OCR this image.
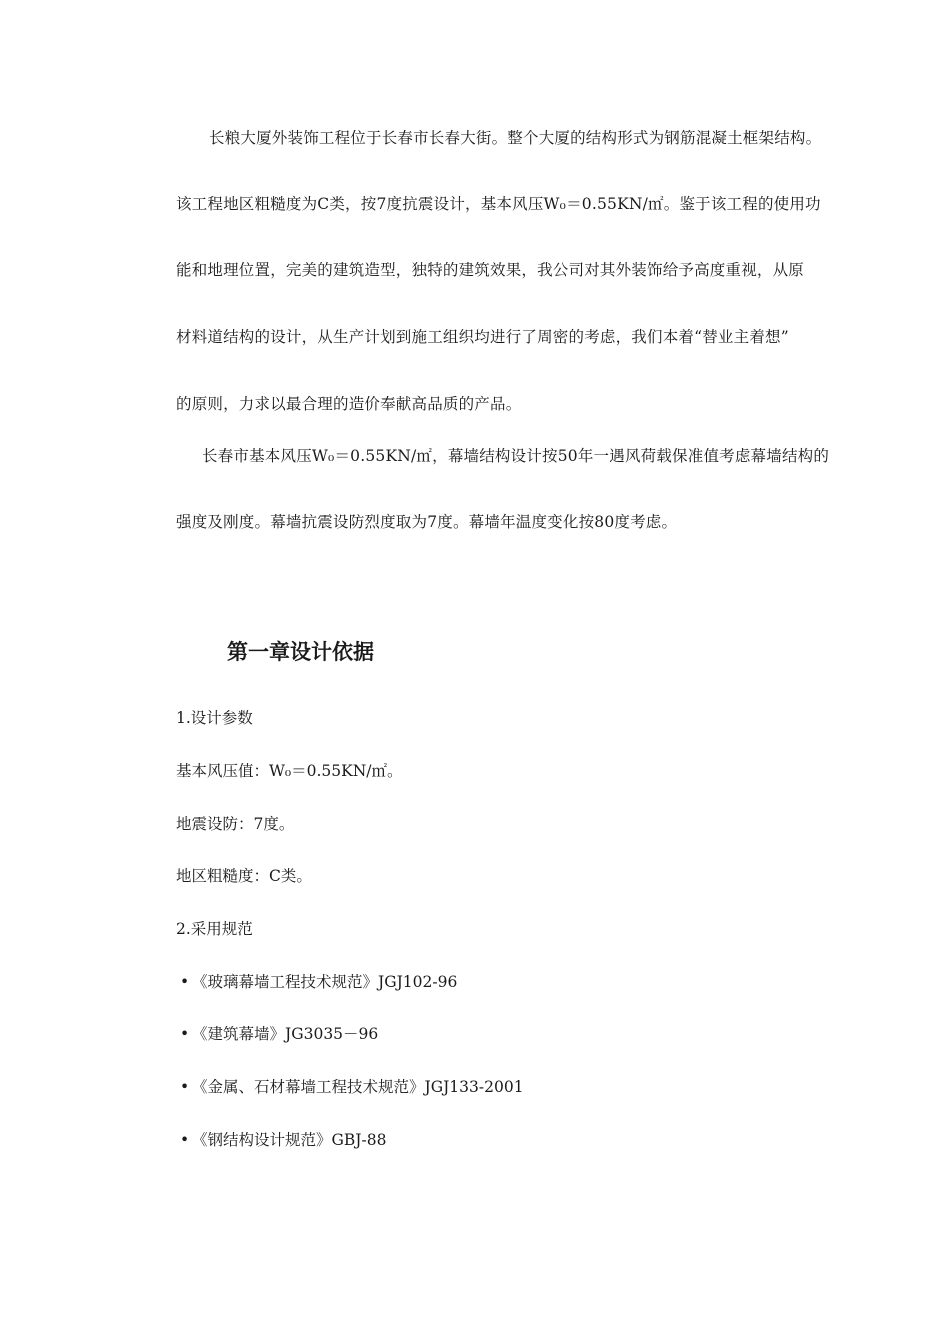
长粮大厦外装饰工程位于长春市长春大街。整个大厦的结构形式为钢筋混凝土框架结构。
该工程地区粗糙度为C类，按7度抗震设计，基本风压W₀＝0.55KN/㎡。鉴于该工程的使用功
能和地理位置，完美的建筑造型，独特的建筑效果，我公司对其外装饰给予高度重视，从原
材料道结构的设计，从生产计划到施工组织均进行了周密的考虑，我们本着“替业主着想”
的原则，力求以最合理的造价奉献高品质的产品。
长春市基本风压W₀＝0.55KN/㎡，幕墙结构设计按50年一遇风荷载保准值考虑幕墙结构的
强度及刚度。幕墙抗震设防烈度取为7度。幕墙年温度变化按80度考虑。
第一章设计依据
1.设计参数
基本风压值：W₀＝0.55KN/㎡。
地震设防：7度。
地区粗糙度：C类。
2.采用规范
• 《玻璃幕墙工程技术规范》JGJ102-96
• 《建筑幕墙》JG3035－96
• 《金属、石材幕墙工程技术规范》JGJ133-2001
• 《钢结构设计规范》GBJ-88
